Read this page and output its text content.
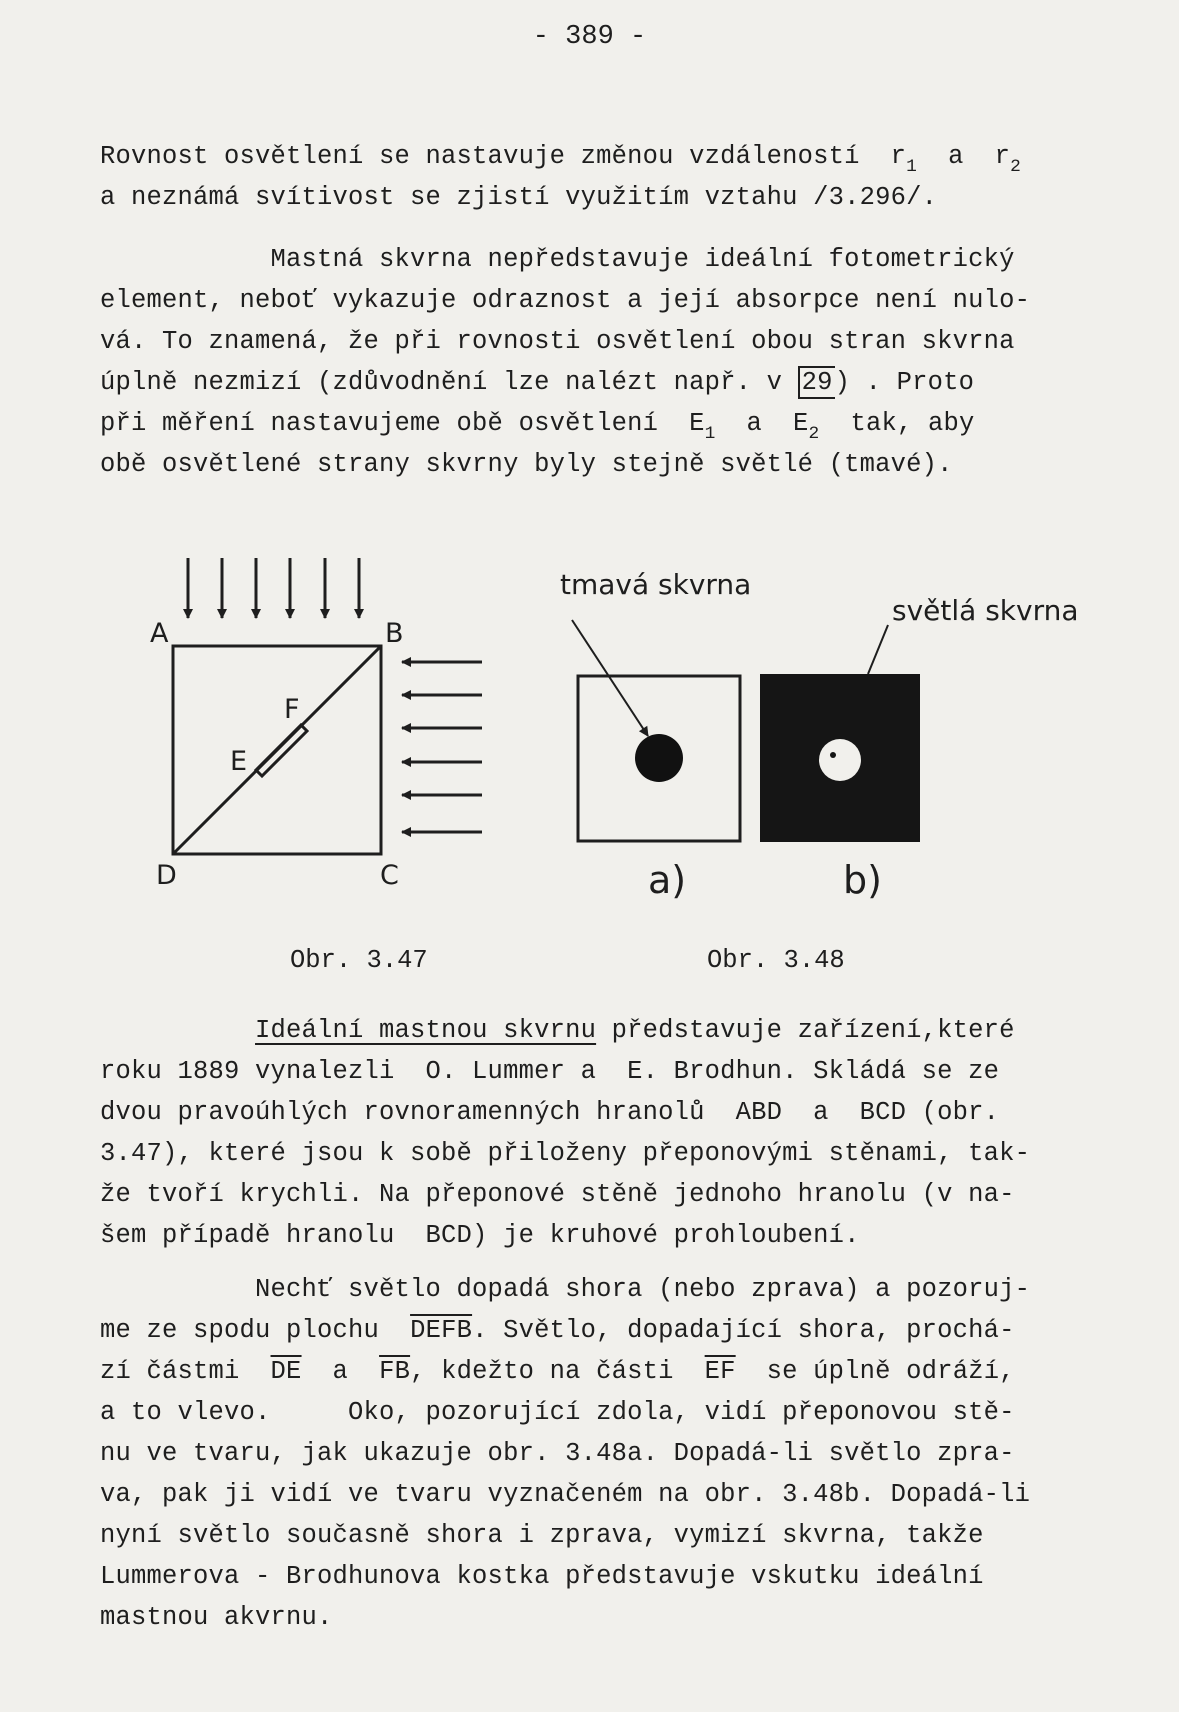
- 389 -
Rovnost osvětlení se nastavuje změnou vzdáleností  $r_1$  a  $r_2$
a neznámá svítivost se zjistí využitím vztahu /3.296/.
Mastná skvrna nepředstavuje ideální fotometrický
element, neboť vykazuje odraznost a její absorpce není nulo-
vá. To znamená, že při rovnosti osvětlení obou stran skvrna
úplně nezmizí (zdůvodnění lze nalézt např. v 29) . Proto
při měření nastavujeme obě osvětlení  $E_1$  a  $E_2$  tak, aby
obě osvětlené strany skvrny byly stejně světlé (tmavé).
A	B
C
D
E
F
tmavá skvrna
světlá skvrna
a)	b)
Obr. 3.47	Obr. 3.48
Ideální mastnou skvrnu představuje zařízení,které
roku 1889 vynalezli  O. Lummer a  E. Brodhun. Skládá se ze
dvou pravoúhlých rovnoramenných hranolů  ABD  a  BCD (obr.
3.47), které jsou k sobě přiloženy přeponovými stěnami, tak-
že tvoří krychli. Na přeponové stěně jednoho hranolu (v na-
šem případě hranolu  BCD) je kruhové prohloubení.
Nechť světlo dopadá shora (nebo zprava) a pozoruj-
me ze spodu plochu  DEFB. Světlo, dopadající shora, prochá-
zí částmi  $\overline{DE}$  a  $\overline{FB}$, kdežto na části  $\overline{EF}$  se úplně odráží,
a to vlevo.     Oko, pozorující zdola, vidí přeponovou stě-
nu ve tvaru, jak ukazuje obr. 3.48a. Dopadá-li světlo zpra-
va, pak ji vidí ve tvaru vyznačeném na obr. 3.48b. Dopadá-li
nyní světlo současně shora i zprava, vymizí skvrna, takže
Lummerova - Brodhunova kostka představuje vskutku ideální
mastnou akvrnu.
